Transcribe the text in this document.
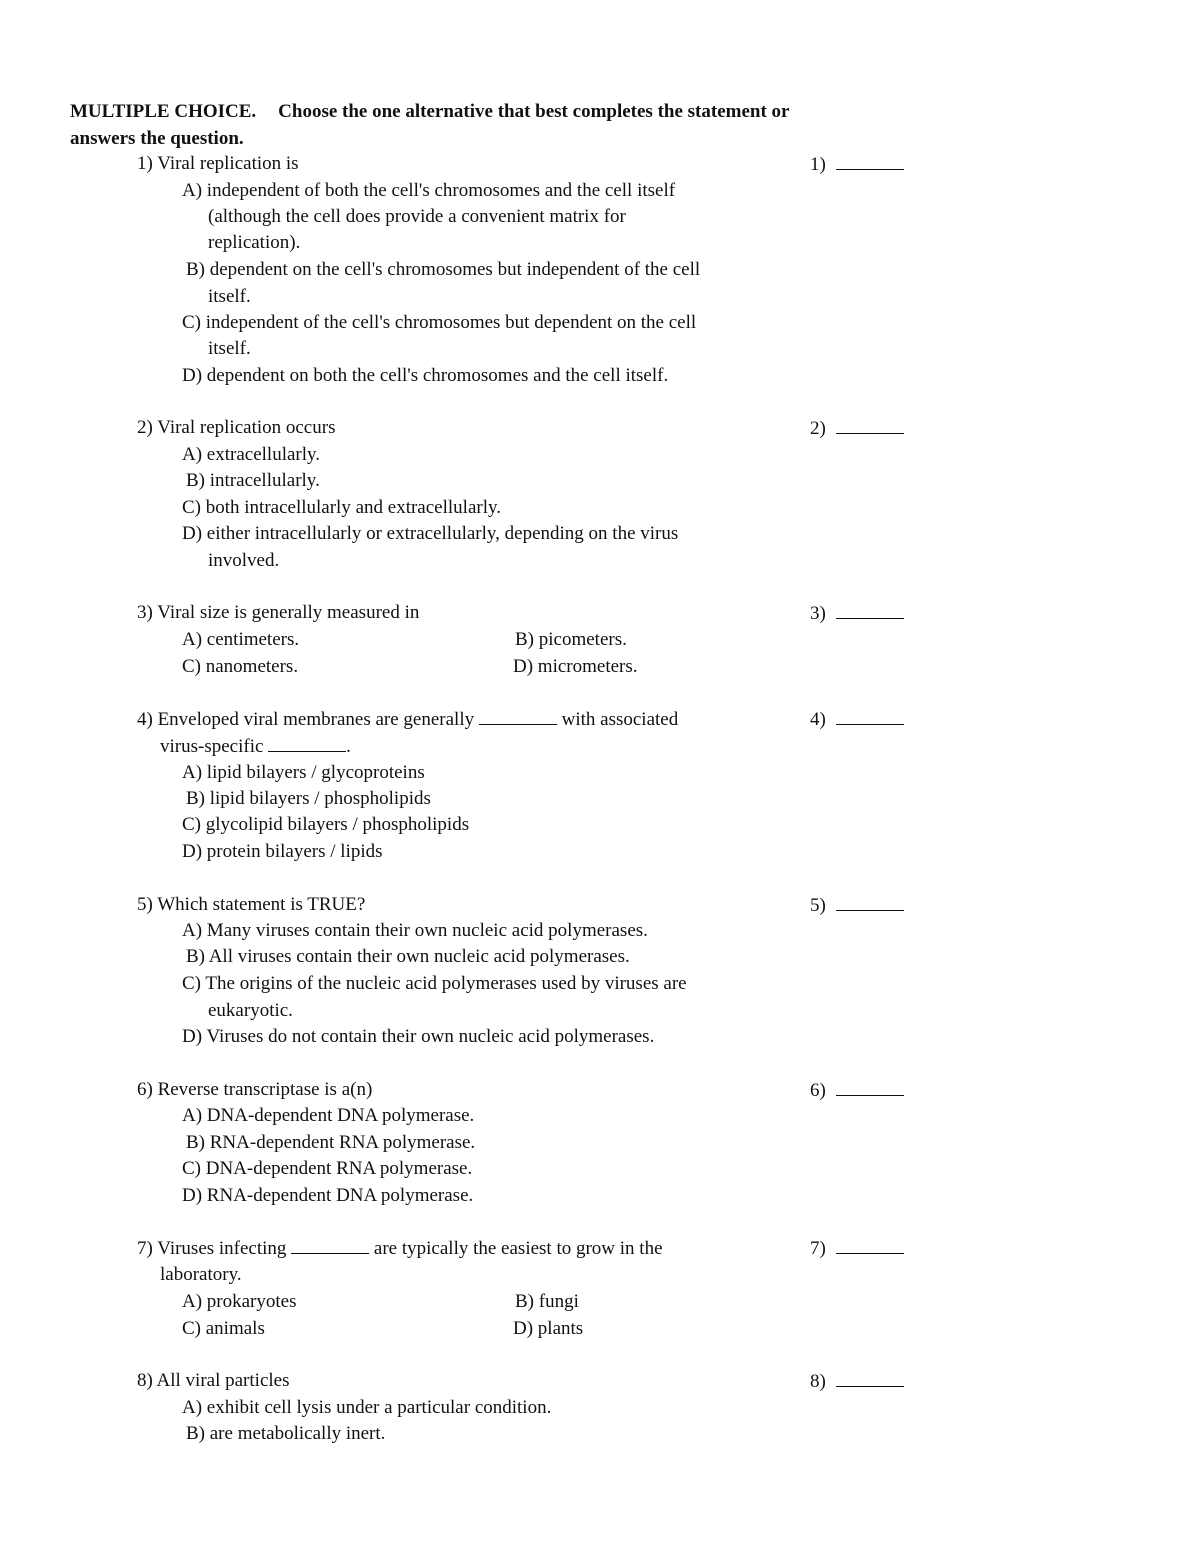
MULTIPLE CHOICE. Choose the one alternative that best completes the statement or
answers the question.
1) Viral replication is	1)
A) independent of both the cell's chromosomes and the cell itself
(although the cell does provide a convenient matrix for
replication).
B) dependent on the cell's chromosomes but independent of the cell
itself.
C) independent of the cell's chromosomes but dependent on the cell
itself.
D) dependent on both the cell's chromosomes and the cell itself.
2) Viral replication occurs	2)
A) extracellularly.
B) intracellularly.
C) both intracellularly and extracellularly.
D) either intracellularly or extracellularly, depending on the virus
involved.
3) Viral size is generally measured in	3)
A) centimeters.	B) picometers.
C) nanometers.	D) micrometers.
4) Enveloped viral membranes are generally	with associated	4)
virus-specific	.
A) lipid bilayers / glycoproteins
B) lipid bilayers / phospholipids
C) glycolipid bilayers / phospholipids
D) protein bilayers / lipids
5) Which statement is TRUE?	5)
A) Many viruses contain their own nucleic acid polymerases.
B) All viruses contain their own nucleic acid polymerases.
C) The origins of the nucleic acid polymerases used by viruses are
eukaryotic.
D) Viruses do not contain their own nucleic acid polymerases.
6) Reverse transcriptase is a(n)	6)
A) DNA-dependent DNA polymerase.
B) RNA-dependent RNA polymerase.
C) DNA-dependent RNA polymerase.
D) RNA-dependent DNA polymerase.
7) Viruses infecting	are typically the easiest to grow in the	7)
laboratory.
A) prokaryotes	B) fungi
C) animals	D) plants
8) All viral particles	8)
A) exhibit cell lysis under a particular condition.
B) are metabolically inert.
